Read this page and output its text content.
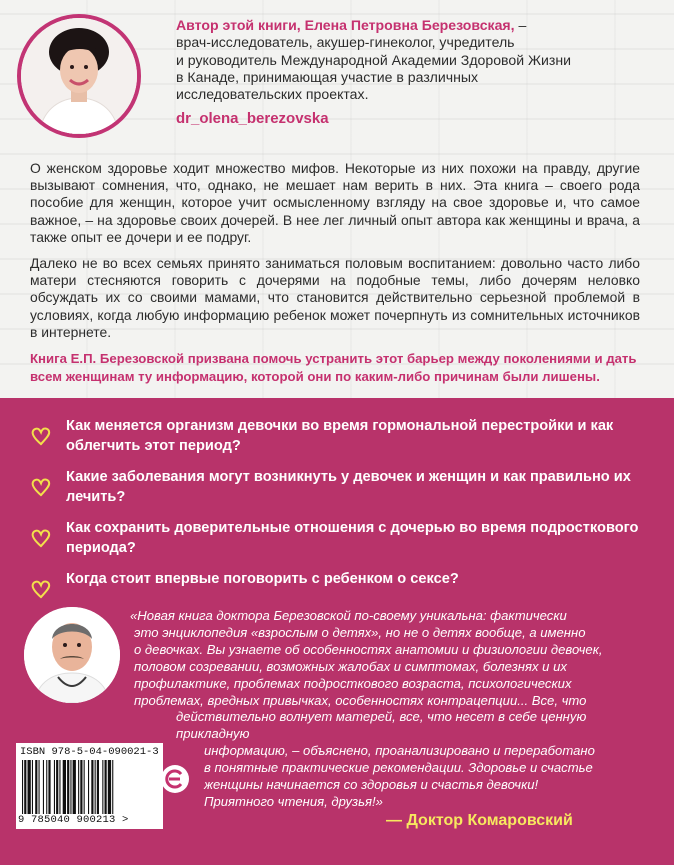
Автор этой книги, Елена Петровна Березовская, –
врач-исследователь, акушер-гинеколог, учредитель
и руководитель Международной Академии Здоровой Жизни
в Канаде, принимающая участие в различных
исследовательских проектах.

dr_olena_berezovska

О женском здоровье ходит множество мифов. Некоторые из них похожи на правду, другие вызывают сомнения, что, однако, не мешает нам верить в них. Эта книга – своего рода пособие для женщин, которое учит осмысленному взгляду на свое здоровье и, что самое важное, – на здоровье своих дочерей. В нее лег личный опыт автора как женщины и врача, а также опыт ее дочери и ее подруг.

Далеко не во всех семьях принято заниматься половым воспитанием: довольно часто либо матери стесняются говорить с дочерями на подобные темы, либо дочерям неловко обсуждать их со своими мамами, что становится действительно серьезной проблемой в условиях, когда любую информацию ребенок может почерпнуть из сомнительных источников в интернете.

Книга Е.П. Березовской призвана помочь устранить этот барьер между поколениями и дать всем женщинам ту информацию, которой они по каким-либо причинам были лишены.

Как меняется организм девочки во время гормональной перестройки и как облегчить этот период?
Какие заболевания могут возникнуть у девочек и женщин и как правильно их лечить?
Как сохранить доверительные отношения с дочерью во время подросткового периода?
Когда стоит впервые поговорить с ребенком о сексе?
«Новая книга доктора Березовской по-своему уникальна: фактически
это энциклопедия «взрослым о детях», но не о детях вообще, а именно
о девочках. Вы узнаете об особенностях анатомии и физиологии девочек,
половом созревании, возможных жалобах и симптомах, болезнях и их
профилактике, проблемах подросткового возраста, психологических
проблемах, вредных привычках, особенностях контрацепции... Все, что
действительно волнует матерей, все, что несет в себе ценную прикладную
информацию, – объяснено, проанализировано и переработано
в понятные практические рекомендации. Здоровье и счастье
женщины начинается со здоровья и счастья девочки!
Приятного чтения, друзья!»
— Доктор Комаровский
ISBN 978-5-04-090021-3
9 785040 900213 >
